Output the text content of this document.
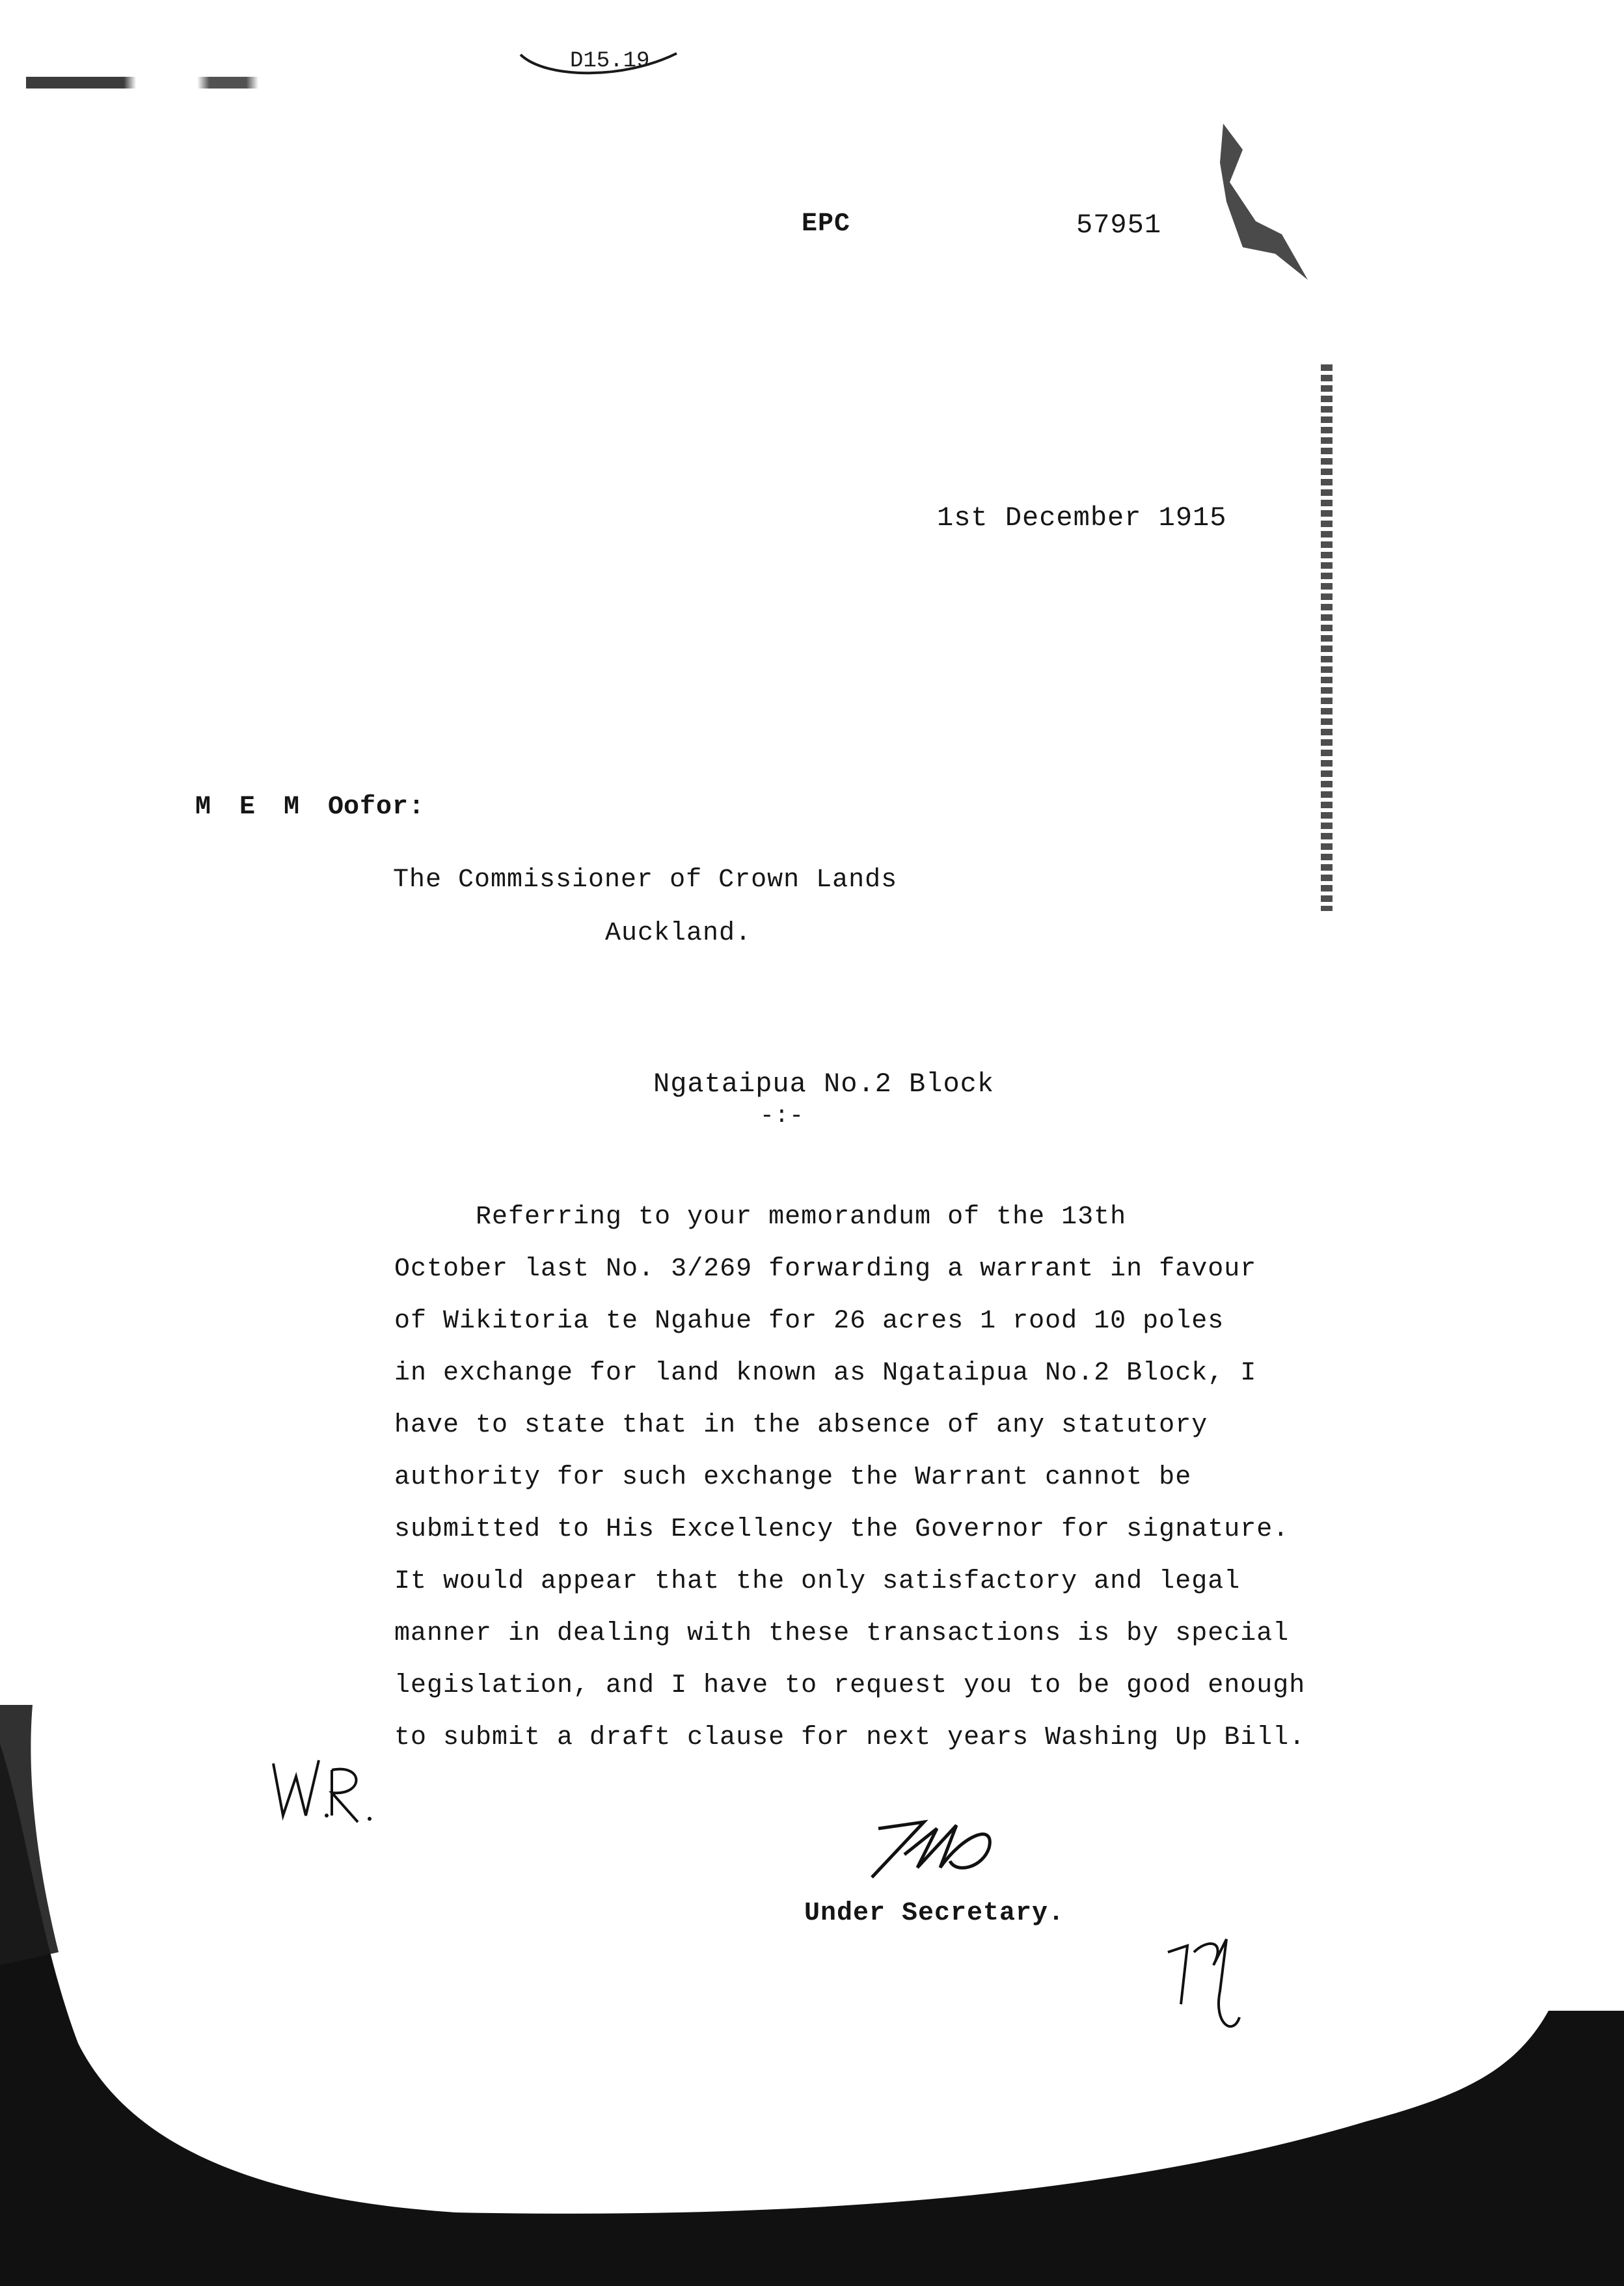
D15.19
EPC	57951
1st December 1915
M E M O
ofor:
The Commissioner of Crown Lands
Auckland.
Ngataipua No.2 Block
-:-
Referring to your memorandum of the 13th
October last No. 3/269 forwarding a warrant in favour
of Wikitoria te Ngahue for 26 acres 1 rood 10 poles
in exchange for land known as Ngataipua No.2 Block, I
have to state that in the absence of any statutory
authority for such exchange the Warrant cannot be
submitted to His Excellency the Governor for signature.
It would appear that the only satisfactory and legal
manner in dealing with these transactions is by special
legislation, and I have to request you to be good enough
to submit a draft clause for next years Washing Up Bill.
Under Secretary.
